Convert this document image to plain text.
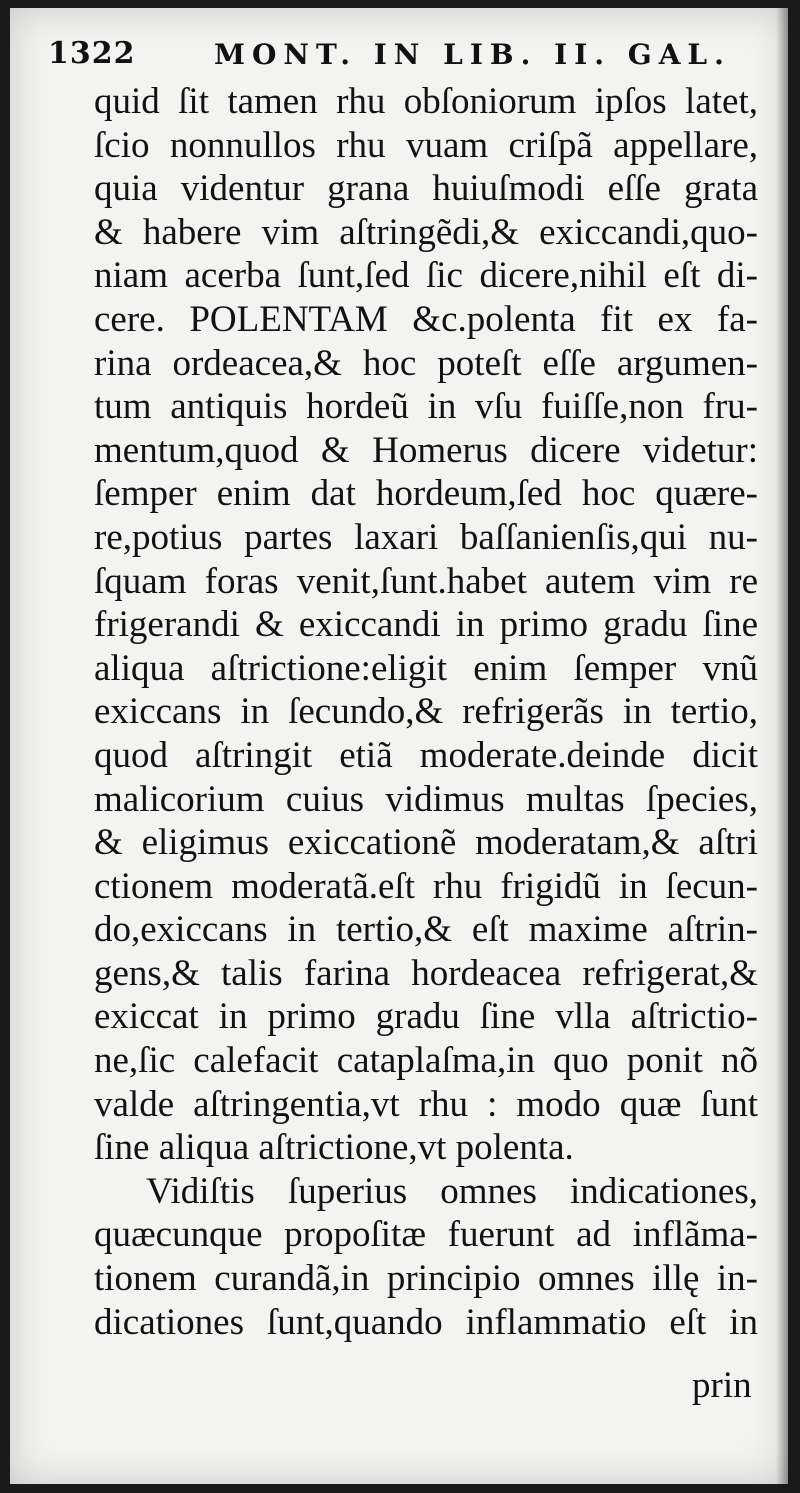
1322	MONT. IN LIB. II. GAL.
quid ſit tamen rhu obſoniorum ipſos latet,
ſcio nonnullos rhu vuam criſpã appellare,
quia videntur grana huiuſmodi eſſe grata
& habere vim aſtringẽdi,& exiccandi,quo-
niam acerba ſunt,ſed ſic dicere,nihil eſt di-
cere. POLENTAM &c.polenta fit ex fa-
rina ordeacea,& hoc poteſt eſſe argumen-
tum antiquis hordeũ in vſu fuiſſe,non fru-
mentum,quod & Homerus dicere videtur:
ſemper enim dat hordeum,ſed hoc quære-
re,potius partes laxari baſſanienſis,qui nu-
ſquam foras venit,ſunt.habet autem vim re
frigerandi & exiccandi in primo gradu ſine
aliqua aſtrictione:eligit enim ſemper vnũ
exiccans in ſecundo,& refrigerãs in tertio,
quod aſtringit etiã moderate.deinde dicit
malicorium cuius vidimus multas ſpecies,
& eligimus exiccationẽ moderatam,& aſtri
ctionem moderatã.eſt rhu frigidũ in ſecun-
do,exiccans in tertio,& eſt maxime aſtrin-
gens,& talis farina hordeacea refrigerat,&
exiccat in primo gradu ſine vlla aſtrictio-
ne,ſic calefacit cataplaſma,in quo ponit nõ
valde aſtringentia,vt rhu : modo quæ ſunt
ſine aliqua aſtrictione,vt polenta.
Vidiſtis ſuperius omnes indicationes,
quæcunque propoſitæ fuerunt ad inflãma-
tionem curandã,in principio omnes illę in-
dicationes ſunt,quando inflammatio eſt in
prin
